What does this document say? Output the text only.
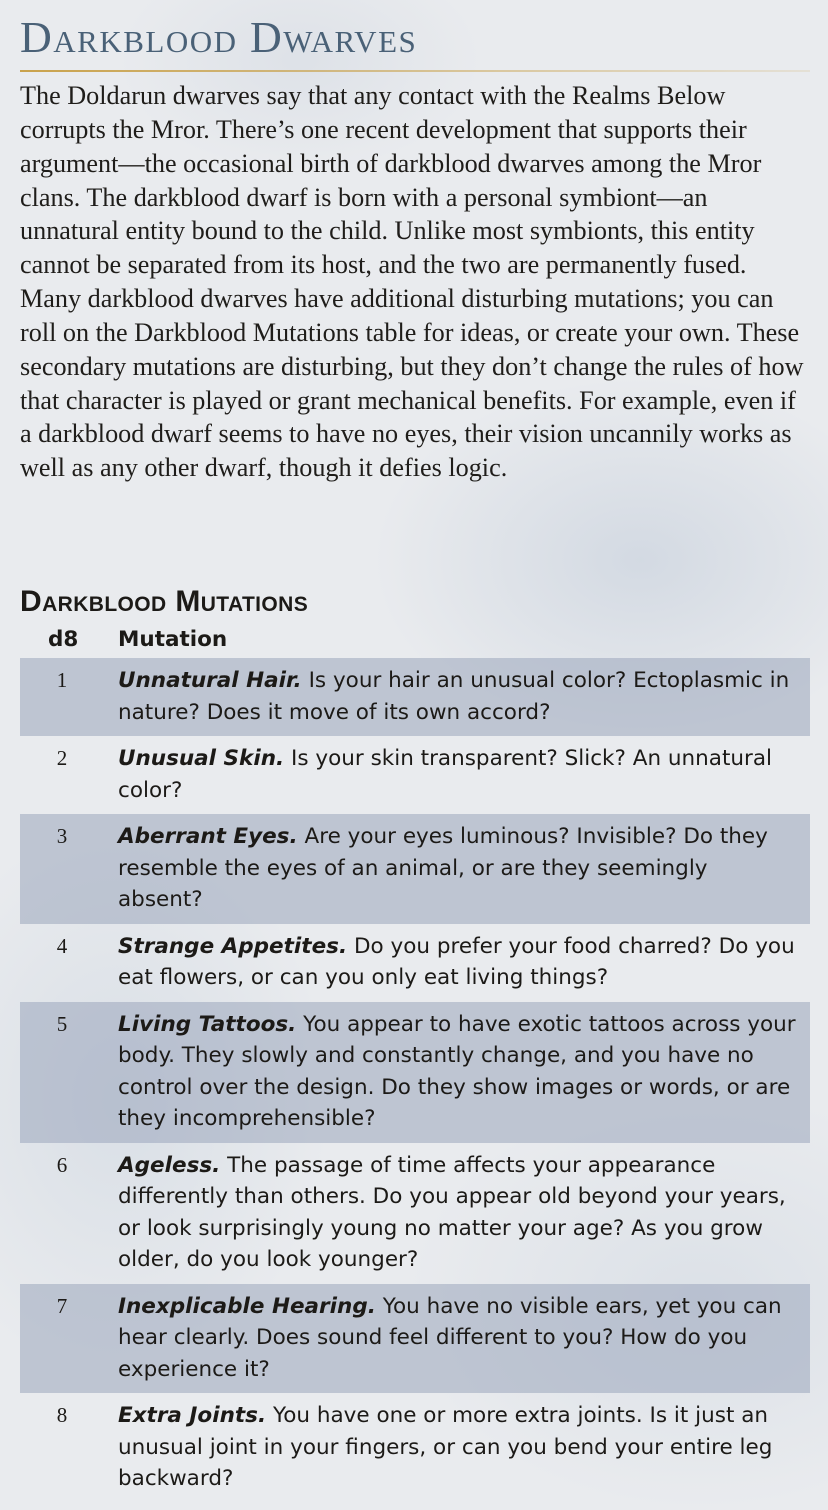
Darkblood Dwarves

The Doldarun dwarves say that any contact with the Realms Below corrupts the Mror. There’s one recent development that supports their argument—the occasional birth of darkblood dwarves among the Mror clans. The darkblood dwarf is born with a personal symbiont—an unnatural entity bound to the child. Unlike most symbionts, this entity cannot be separated from its host, and the two are permanently fused. Many darkblood dwarves have additional disturbing mutations; you can roll on the Darkblood Mutations table for ideas, or create your own. These secondary mutations are disturbing, but they don’t change the rules of how that character is played or grant mechanical benefits. For example, even if a darkblood dwarf seems to have no eyes, their vision uncannily works as well as any other dwarf, though it defies logic.

Darkblood Mutations
d8	Mutation
1	Unnatural Hair. Is your hair an unusual color? Ectoplasmic in nature? Does it move of its own accord?
2	Unusual Skin. Is your skin transparent? Slick? An unnatural color?
3	Aberrant Eyes. Are your eyes luminous? Invisible? Do they resemble the eyes of an animal, or are they seemingly absent?
4	Strange Appetites. Do you prefer your food charred? Do you eat flowers, or can you only eat living things?
5	Living Tattoos. You appear to have exotic tattoos across your body. They slowly and constantly change, and you have no control over the design. Do they show images or words, or are they incomprehensible?
6	Ageless. The passage of time affects your appearance differently than others. Do you appear old beyond your years, or look surprisingly young no matter your age? As you grow older, do you look younger?
7	Inexplicable Hearing. You have no visible ears, yet you can hear clearly. Does sound feel different to you? How do you experience it?
8	Extra Joints. You have one or more extra joints. Is it just an unusual joint in your fingers, or can you bend your entire leg backward?
